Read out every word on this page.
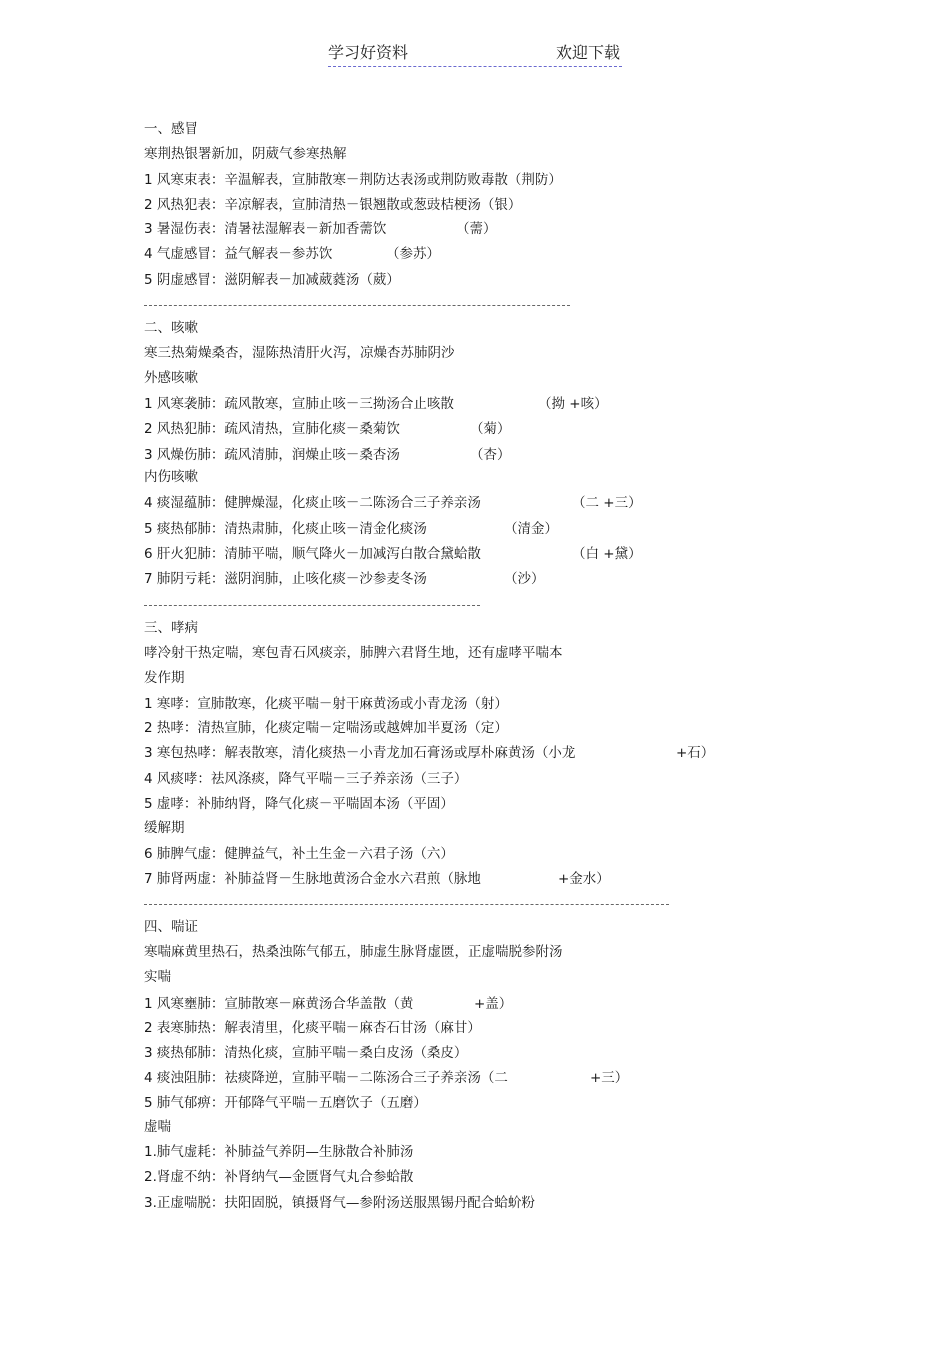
学习好资料	欢迎下载
一、感冒
寒荆热银署新加，阴葳气参寒热解
1 风寒束表：辛温解表，宣肺散寒－荆防达表汤或荆防败毒散（荆防）
2 风热犯表：辛凉解表，宣肺清热－银翘散或葱豉桔梗汤（银）
3 暑湿伤表：清暑祛湿解表－新加香薷饮	（薷）
4 气虚感冒：益气解表－参苏饮	（参苏）
5 阴虚感冒：滋阴解表－加减葳蕤汤（葳）
二、咳嗽
寒三热菊燥桑杏，湿陈热清肝火泻，凉燥杏苏肺阴沙
外感咳嗽
1 风寒袭肺：疏风散寒，宣肺止咳－三拗汤合止咳散	（拗 +咳）
2 风热犯肺：疏风清热，宣肺化痰－桑菊饮	（菊）
3 风燥伤肺：疏风清肺，润燥止咳－桑杏汤	（杏）
内伤咳嗽
4 痰湿蕴肺：健脾燥湿，化痰止咳－二陈汤合三子养亲汤	（二 +三）
5 痰热郁肺：清热肃肺，化痰止咳－清金化痰汤	（清金）
6 肝火犯肺：清肺平喘，顺气降火－加减泻白散合黛蛤散	（白 +黛）
7 肺阴亏耗：滋阴润肺，止咳化痰－沙参麦冬汤	（沙）
三、哮病
哮冷射干热定喘，寒包青石风痰亲，肺脾六君肾生地，还有虚哮平喘本
发作期
1 寒哮：宣肺散寒，化痰平喘－射干麻黄汤或小青龙汤（射）
2 热哮：清热宣肺，化痰定喘－定喘汤或越婢加半夏汤（定）
3 寒包热哮：解表散寒，清化痰热－小青龙加石膏汤或厚朴麻黄汤（小龙	+石）
4 风痰哮：祛风涤痰，降气平喘－三子养亲汤（三子）
5 虚哮：补肺纳肾，降气化痰－平喘固本汤（平固）
缓解期
6 肺脾气虚：健脾益气，补土生金－六君子汤（六）
7 肺肾两虚：补肺益肾－生脉地黄汤合金水六君煎（脉地	+金水）
四、喘证
寒喘麻黄里热石，热桑浊陈气郁五，肺虚生脉肾虚匮，正虚喘脱参附汤
实喘
1 风寒壅肺：宣肺散寒－麻黄汤合华盖散（黄	+盖）
2 表寒肺热：解表清里，化痰平喘－麻杏石甘汤（麻甘）
3 痰热郁肺：清热化痰，宣肺平喘－桑白皮汤（桑皮）
4 痰浊阻肺：祛痰降逆，宣肺平喘－二陈汤合三子养亲汤（二	+三）
5 肺气郁痹：开郁降气平喘－五磨饮子（五磨）
虚喘
1.肺气虚耗：补肺益气养阴—生脉散合补肺汤
2.肾虚不纳：补肾纳气—金匮肾气丸合参蛤散
3.正虚喘脱：扶阳固脱，镇摄肾气—参附汤送服黑锡丹配合蛤蚧粉
